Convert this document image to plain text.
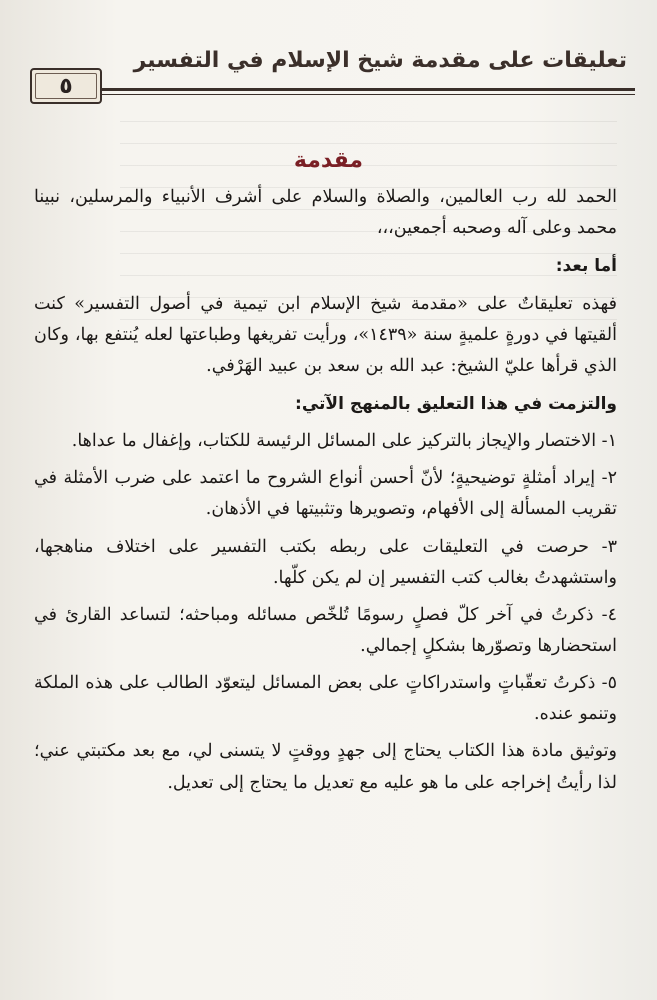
تعليقات على مقدمة شيخ الإسلام في التفسير
٥
مقدمة

الحمد لله رب العالمين، والصلاة والسلام على أشرف الأنبياء والمرسلين، نبينا محمد وعلى آله وصحبه أجمعين،،،

أما بعد:

فهذه تعليقاتٌ على «مقدمة شيخ الإسلام ابن تيمية في أصول التفسير» كنت ألقيتها في دورةٍ علميةٍ سنة «١٤٣٩»، ورأيت تفريغها وطباعتها لعله يُنتفع بها، وكان الذي قرأها عليّ الشيخ: عبد الله بن سعد بن عبيد الهَرْفي.

والتزمت في هذا التعليق بالمنهج الآتي:

١- الاختصار والإيجاز بالتركيز على المسائل الرئيسة للكتاب، وإغفال ما عداها.

٢- إيراد أمثلةٍ توضيحيةٍ؛ لأنّ أحسن أنواع الشروح ما اعتمد على ضرب الأمثلة في تقريب المسألة إلى الأفهام، وتصويرها وتثبيتها في الأذهان.

٣- حرصت في التعليقات على ربطه بكتب التفسير على اختلاف مناهجها، واستشهدتُ بغالب كتب التفسير إن لم يكن كلّها.

٤- ذكرتُ في آخر كلّ فصلٍ رسومًا تُلخّص مسائله ومباحثه؛ لتساعد القارئ في استحضارها وتصوّرها بشكلٍ إجمالي.

٥- ذكرتُ تعقّباتٍ واستدراكاتٍ على بعض المسائل ليتعوّد الطالب على هذه الملكة وتنمو عنده.

وتوثيق مادة هذا الكتاب يحتاج إلى جهدٍ ووقتٍ لا يتسنى لي، مع بعد مكتبتي عني؛ لذا رأيتُ إخراجه على ما هو عليه مع تعديل ما يحتاج إلى تعديل.
